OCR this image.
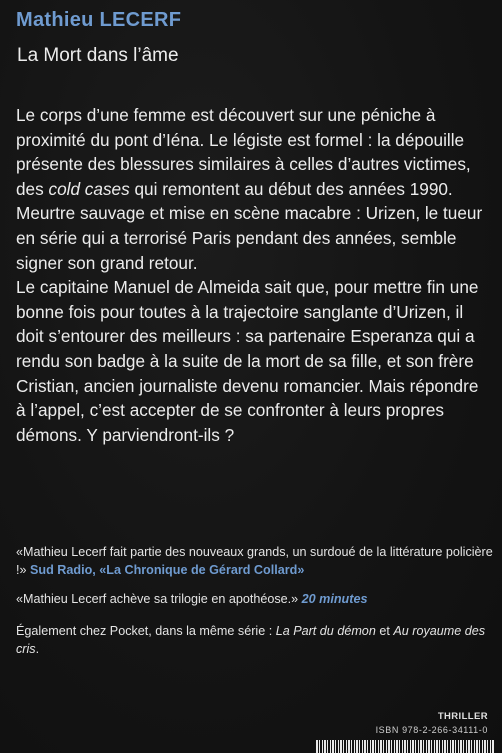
Mathieu LECERF
La Mort dans l’âme

Le corps d’une femme est découvert sur une péniche à proximité du pont d’Iéna. Le légiste est formel : la dépouille présente des blessures similaires à celles d’autres victimes, des cold cases qui remontent au début des années 1990. Meurtre sauvage et mise en scène macabre : Urizen, le tueur en série qui a terrorisé Paris pendant des années, semble signer son grand retour.

Le capitaine Manuel de Almeida sait que, pour mettre fin une bonne fois pour toutes à la trajectoire sanglante d’Urizen, il doit s’entourer des meilleurs : sa partenaire Esperanza qui a rendu son badge à la suite de la mort de sa fille, et son frère Cristian, ancien journaliste devenu romancier. Mais répondre à l’appel, c’est accepter de se confronter à leurs propres démons. Y parviendront-ils ?

«Mathieu Lecerf fait partie des nouveaux grands, un surdoué de la littérature policière !» Sud Radio, «La Chronique de Gérard Collard»

«Mathieu Lecerf achève sa trilogie en apothéose.» 20 minutes

Également chez Pocket, dans la même série : La Part du démon et Au royaume des cris.
THRILLER
ISBN 978-2-266-34111-0
